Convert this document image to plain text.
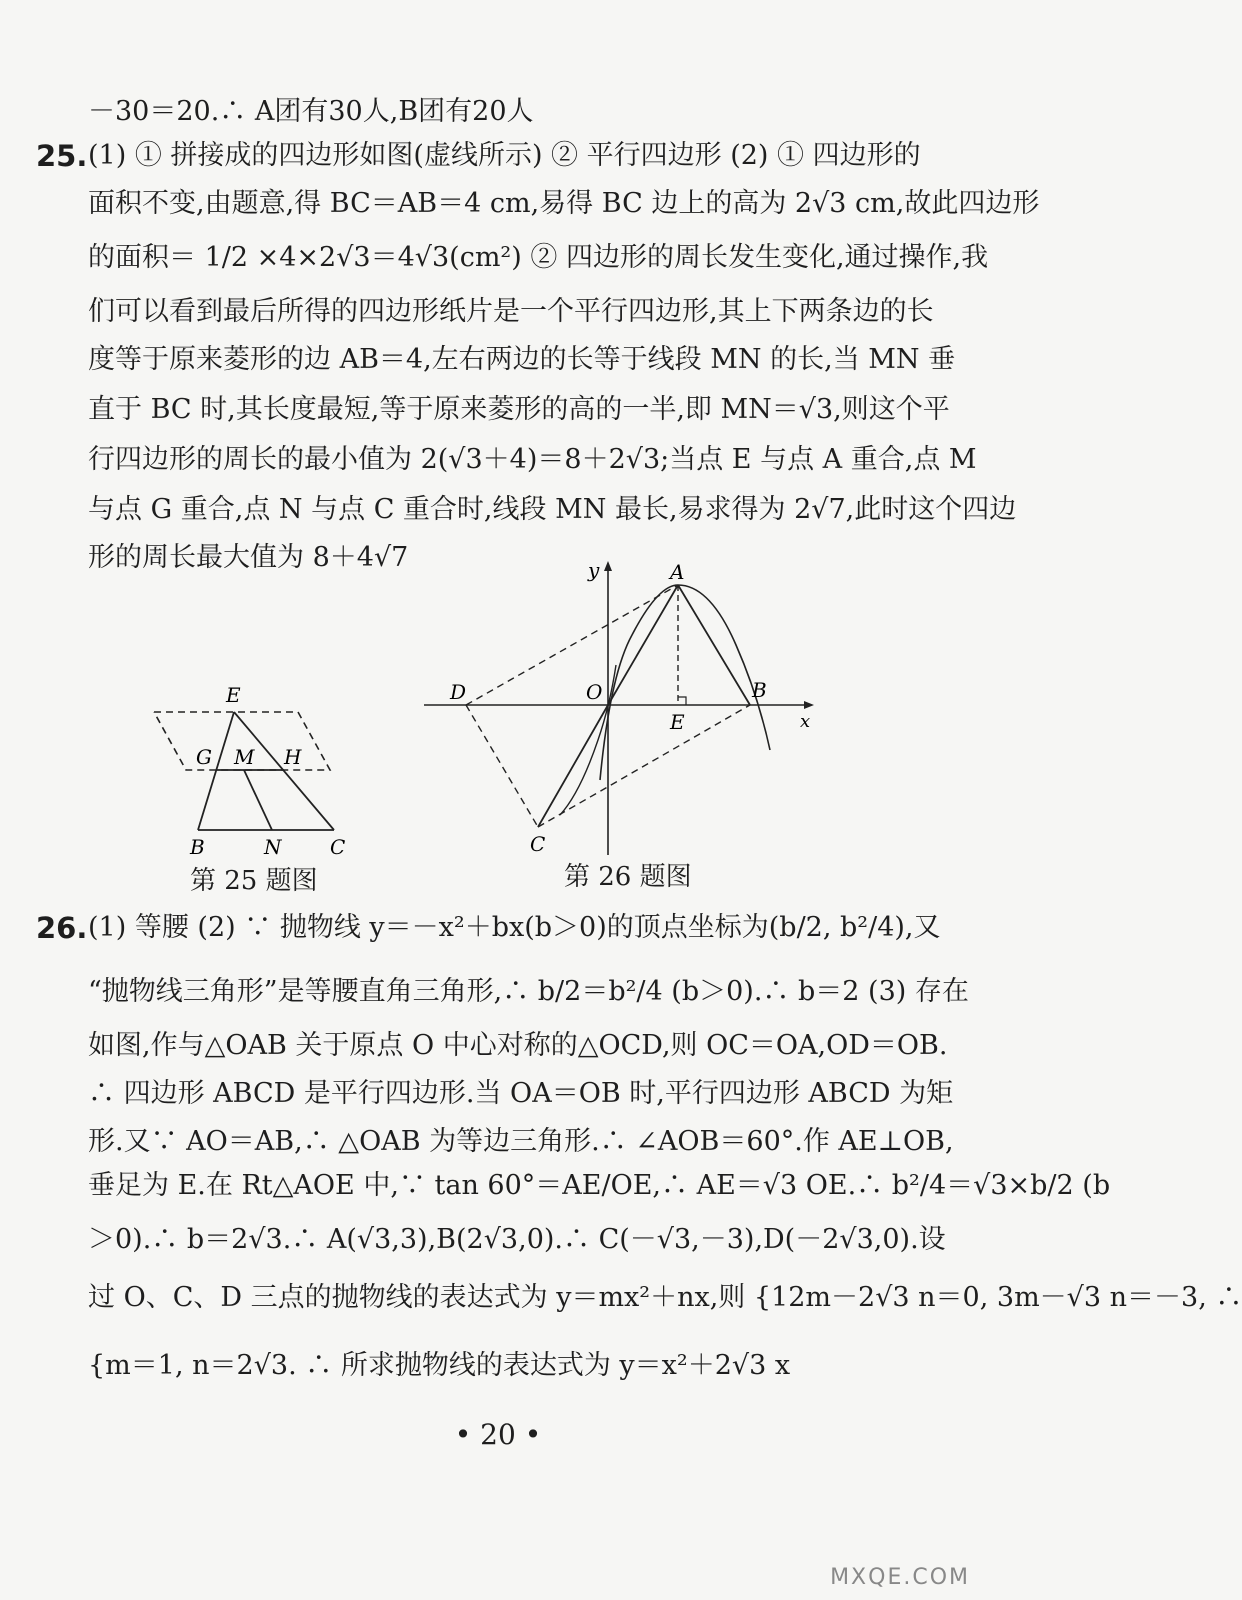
－30＝20.∴ A团有30人,B团有20人
25. (1) ① 拼接成的四边形如图(虚线所示) ② 平行四边形 (2) ① 四边形的
面积不变,由题意,得 BC＝AB＝4 cm,易得 BC 边上的高为 2√3 cm,故此四边形
的面积＝ 1/2 ×4×2√3＝4√3(cm²) ② 四边形的周长发生变化,通过操作,我
们可以看到最后所得的四边形纸片是一个平行四边形,其上下两条边的长
度等于原来菱形的边 AB＝4,左右两边的长等于线段 MN 的长,当 MN 垂
直于 BC 时,其长度最短,等于原来菱形的高的一半,即 MN＝√3,则这个平
行四边形的周长的最小值为 2(√3＋4)＝8＋2√3;当点 E 与点 A 重合,点 M
与点 G 重合,点 N 与点 C 重合时,线段 MN 最长,易求得为 2√7,此时这个四边
形的周长最大值为 8＋4√7
E
G M H
B	N C
第 25 题图
y	A
D	O
E
B
x
C
第 26 题图
26. (1) 等腰 (2) ∵ 抛物线 y＝－x²＋bx(b＞0)的顶点坐标为(b/2, b²/4),又
“抛物线三角形”是等腰直角三角形,∴ b/2＝b²/4 (b＞0).∴ b＝2 (3) 存在
如图,作与△OAB 关于原点 O 中心对称的△OCD,则 OC＝OA,OD＝OB.
∴ 四边形 ABCD 是平行四边形.当 OA＝OB 时,平行四边形 ABCD 为矩
形.又∵ AO＝AB,∴ △OAB 为等边三角形.∴ ∠AOB＝60°.作 AE⊥OB,
垂足为 E.在 Rt△AOE 中,∵ tan 60°＝AE/OE,∴ AE＝√3 OE.∴ b²/4＝√3×b/2 (b
＞0).∴ b＝2√3.∴ A(√3,3),B(2√3,0).∴ C(－√3,－3),D(－2√3,0).设
过 O、C、D 三点的抛物线的表达式为 y＝mx²＋nx,则 {12m－2√3 n＝0, 3m－√3 n＝－3, ∴
{m＝1, n＝2√3. ∴ 所求抛物线的表达式为 y＝x²＋2√3 x
• 20 •
MXQE.COM
